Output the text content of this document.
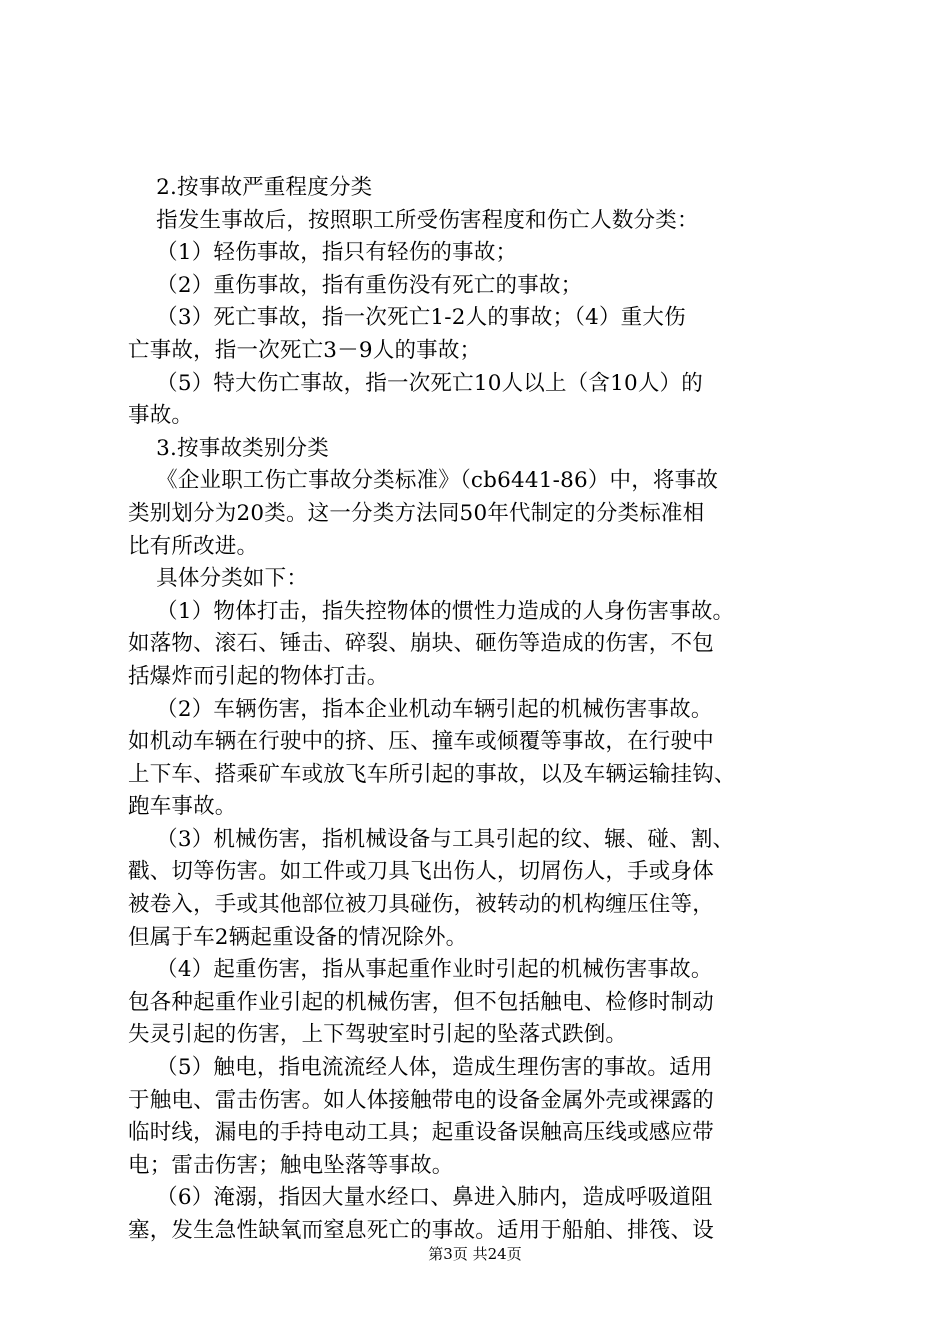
2.按事故严重程度分类
指发生事故后，按照职工所受伤害程度和伤亡人数分类：
（1）轻伤事故，指只有轻伤的事故；
（2）重伤事故，指有重伤没有死亡的事故；
（3）死亡事故，指一次死亡1-2人的事故；（4）重大伤
亡事故，指一次死亡3－9人的事故；
（5）特大伤亡事故，指一次死亡10人以上（含10人）的
事故。
3.按事故类别分类
《企业职工伤亡事故分类标准》（cb6441-86）中，将事故
类别划分为20类。这一分类方法同50年代制定的分类标准相
比有所改进。
具体分类如下：
（1）物体打击，指失控物体的惯性力造成的人身伤害事故。
如落物、滚石、锤击、碎裂、崩块、砸伤等造成的伤害，不包
括爆炸而引起的物体打击。
（2）车辆伤害，指本企业机动车辆引起的机械伤害事故。
如机动车辆在行驶中的挤、压、撞车或倾覆等事故，在行驶中
上下车、搭乘矿车或放飞车所引起的事故，以及车辆运输挂钩、
跑车事故。
（3）机械伤害，指机械设备与工具引起的纹、辗、碰、割、
戳、切等伤害。如工件或刀具飞出伤人，切屑伤人，手或身体
被卷入，手或其他部位被刀具碰伤，被转动的机构缠压住等，
但属于车2辆起重设备的情况除外。
（4）起重伤害，指从事起重作业时引起的机械伤害事故。
包各种起重作业引起的机械伤害，但不包括触电、检修时制动
失灵引起的伤害，上下驾驶室时引起的坠落式跌倒。
（5）触电，指电流流经人体，造成生理伤害的事故。适用
于触电、雷击伤害。如人体接触带电的设备金属外壳或裸露的
临时线，漏电的手持电动工具；起重设备误触高压线或感应带
电；雷击伤害；触电坠落等事故。
（6）淹溺，指因大量水经口、鼻进入肺内，造成呼吸道阻
塞，发生急性缺氧而窒息死亡的事故。适用于船舶、排筏、设
第3页 共24页
